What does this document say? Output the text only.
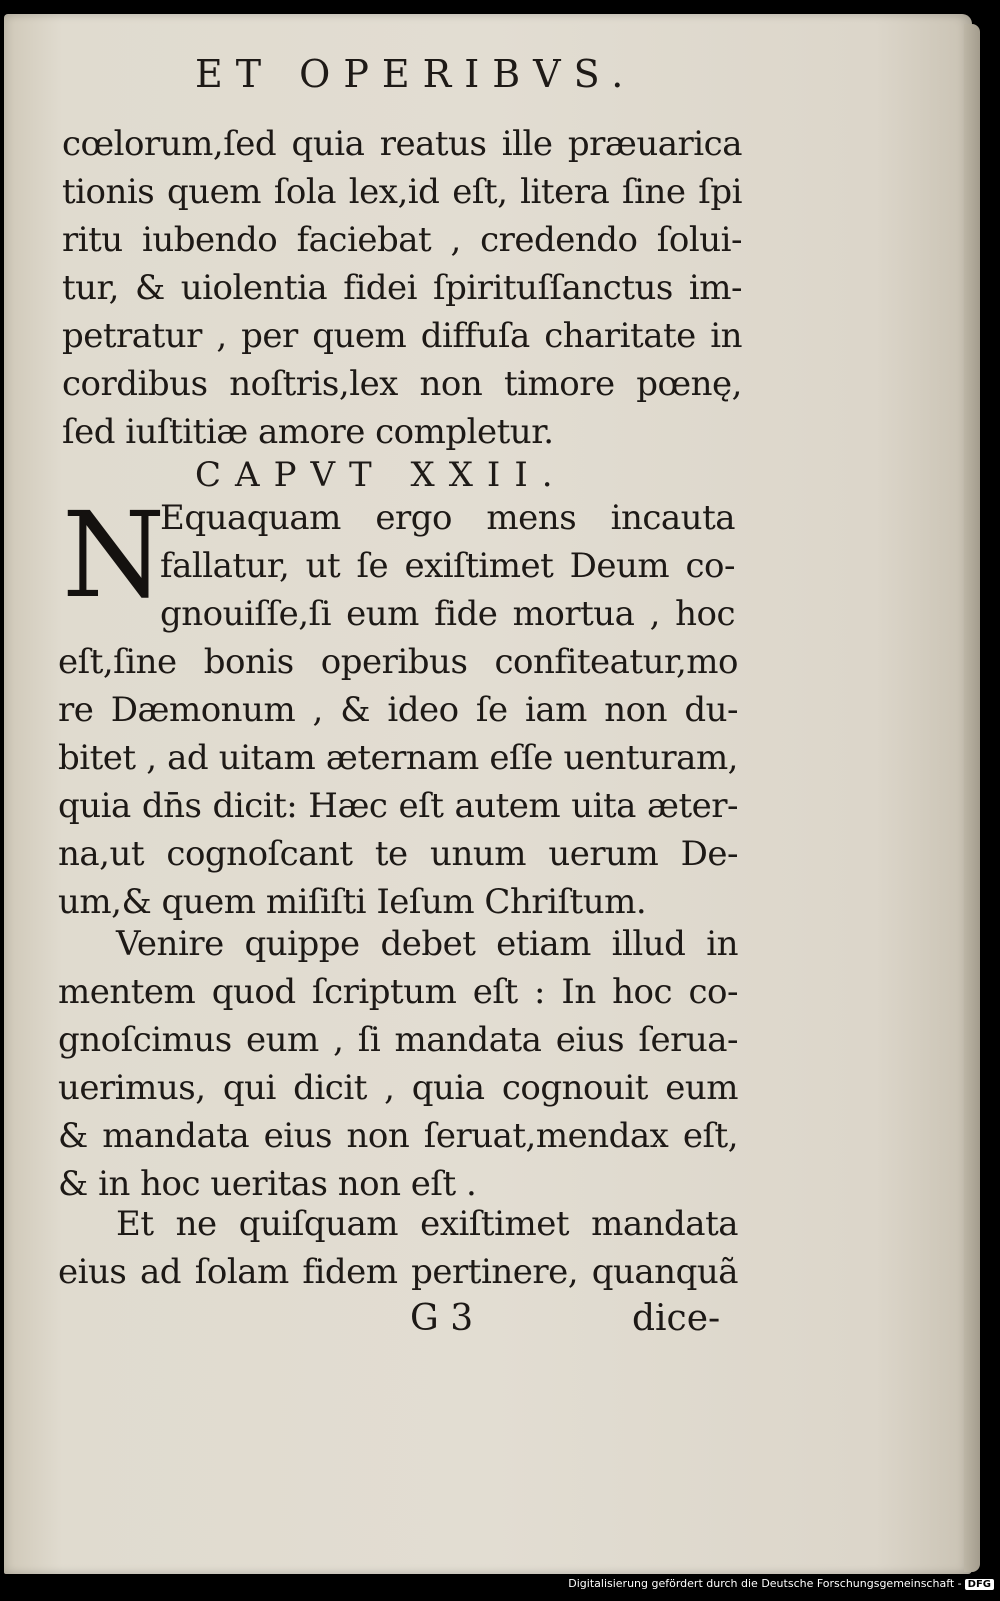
ET OPERIBVS.
cœlorum,ſed quia reatus ille præuarica
tionis quem ſola lex,id eſt, litera ſine ſpi
ritu iubendo faciebat , credendo ſolui-
tur, & uiolentia fidei ſpirituſſanctus im-
petratur , per quem diffuſa charitate in
cordibus noſtris,lex non timore pœnę,
ſed iuſtitiæ amore completur.
CAPVT XXII.
N
Equaquam ergo mens incauta
fallatur, ut ſe exiſtimet Deum co-
gnouiſſe,ſi eum fide mortua , hoc
eſt,ſine bonis operibus confiteatur,mo
re Dæmonum , & ideo ſe iam non du-
bitet , ad uitam æternam eſſe uenturam,
quia dn̄s dicit: Hæc eſt autem uita æter-
na,ut cognoſcant te unum uerum De-
um,& quem miſiſti Ieſum Chriſtum.
Venire quippe debet etiam illud in
mentem quod ſcriptum eſt : In hoc co-
gnoſcimus eum , ſi mandata eius ſerua-
uerimus, qui dicit , quia cognouit eum
& mandata eius non ſeruat,mendax eſt,
& in hoc ueritas non eſt .
Et ne quiſquam exiſtimet mandata
eius ad ſolam fidem pertinere, quanquã
G 3	dice-
Digitalisierung gefördert durch die Deutsche Forschungsgemeinschaft - DFG
